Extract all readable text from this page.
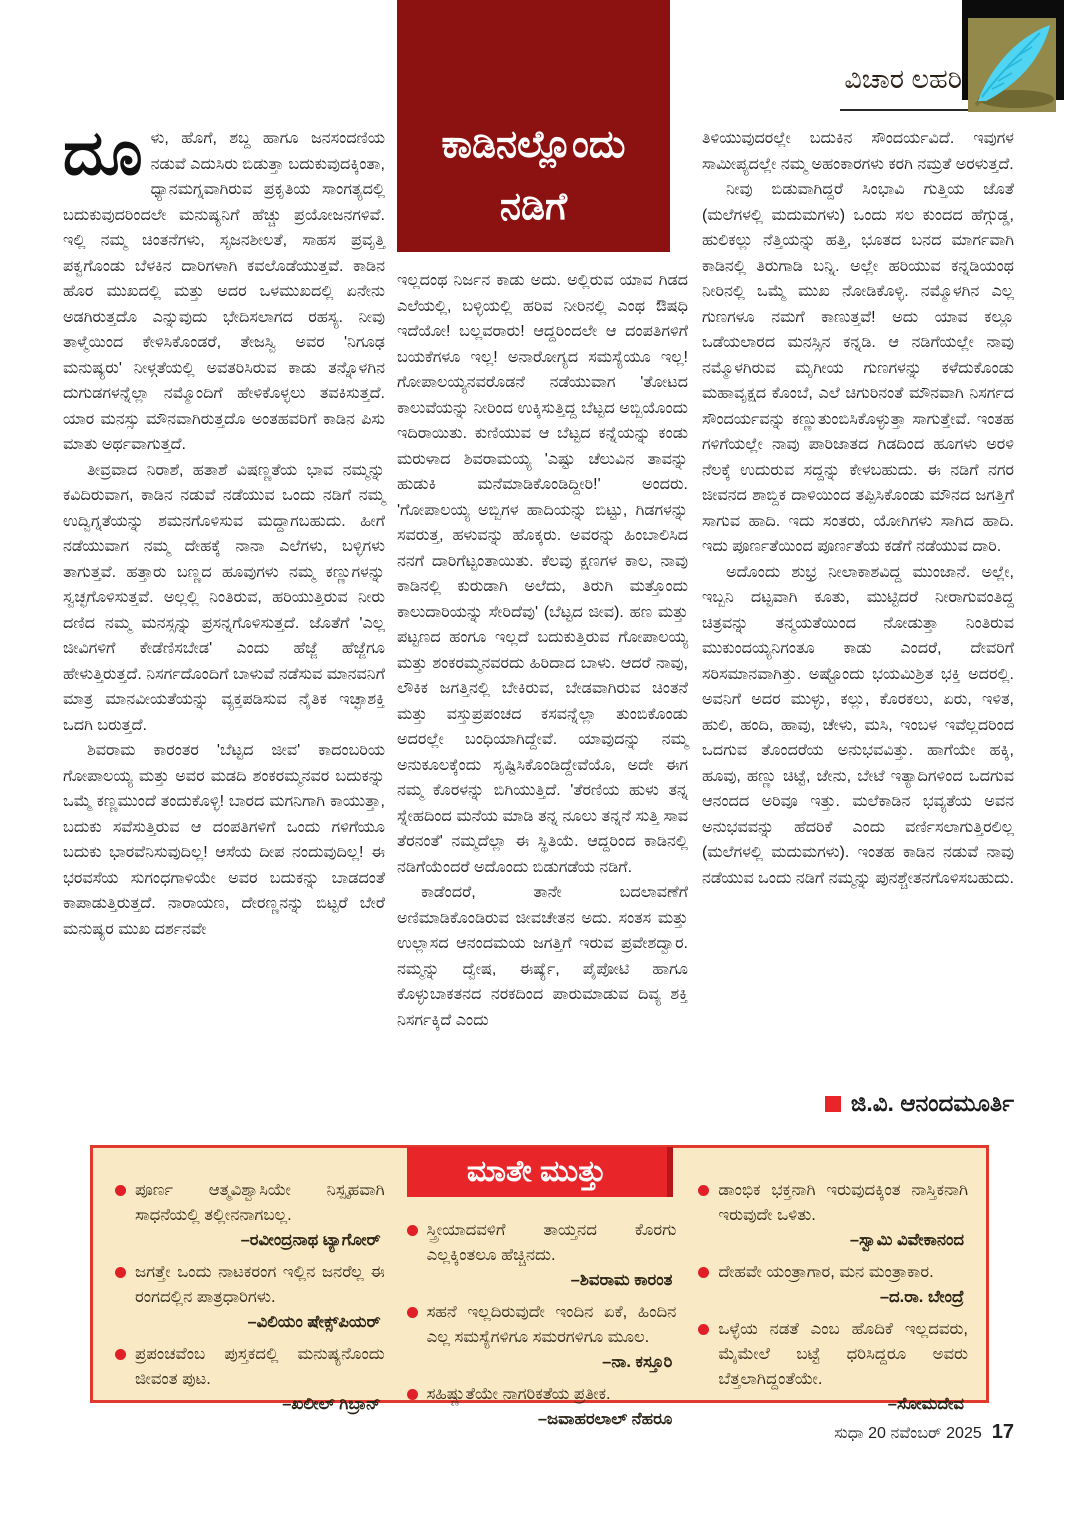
ವಿಚಾರ ಲಹರಿ
ಕಾಡಿನಲ್ಲೊಂದು
ನಡಿಗೆ

ದೂಳು, ಹೊಗೆ, ಶಬ್ದ ಹಾಗೂ ಜನಸಂದಣಿಯ ನಡುವೆ ಎದುಸಿರು ಬಿಡುತ್ತಾ ಬದುಕುವುದಕ್ಕಿಂತಾ, ಧ್ಯಾನಮಗ್ನವಾಗಿರುವ ಪ್ರಕೃತಿಯ ಸಾಂಗತ್ಯದಲ್ಲಿ ಬದುಕುವುದರಿಂದಲೇ ಮನುಷ್ಯನಿಗೆ ಹೆಚ್ಚು ಪ್ರಯೋಜನಗಳಿವೆ. ಇಲ್ಲಿ ನಮ್ಮ ಚಿಂತನೆಗಳು, ಸೃಜನಶೀಲತೆ, ಸಾಹಸ ಪ್ರವೃತ್ತಿ ಪಕ್ವಗೊಂಡು ಬೆಳಕಿನ ದಾರಿಗಳಾಗಿ ಕವಲೊಡೆಯುತ್ತವೆ. ಕಾಡಿನ ಹೊರ ಮುಖದಲ್ಲಿ ಮತ್ತು ಅದರ ಒಳಮುಖದಲ್ಲಿ ಏನೇನು ಅಡಗಿರುತ್ತದೊ ಎನ್ನುವುದು ಭೇದಿಸಲಾಗದ ರಹಸ್ಯ. ನೀವು ತಾಳ್ಮೆಯಿಂದ ಕೇಳಿಸಿಕೊಂಡರೆ, ತೇಜಸ್ವಿ ಅವರ 'ನಿಗೂಢ ಮನುಷ್ಯರು' ನೀಳ್ಗತೆಯಲ್ಲಿ ಅವತರಿಸಿರುವ ಕಾಡು ತನ್ನೊಳಗಿನ ದುಗುಡಗಳನ್ನೆಲ್ಲಾ ನಮ್ಮೊಂದಿಗೆ ಹೇಳಿಕೊಳ್ಳಲು ತವಕಿಸುತ್ತದೆ. ಯಾರ ಮನಸ್ಸು ಮೌನವಾಗಿರುತ್ತದೊ ಅಂತಹವರಿಗೆ ಕಾಡಿನ ಪಿಸು ಮಾತು ಅರ್ಥವಾಗುತ್ತದೆ.

ತೀವ್ರವಾದ ನಿರಾಶೆ, ಹತಾಶೆ ವಿಷಣ್ಣತೆಯ ಭಾವ ನಮ್ಮನ್ನು ಕವಿದಿರುವಾಗ, ಕಾಡಿನ ನಡುವೆ ನಡೆಯುವ ಒಂದು ನಡಿಗೆ ನಮ್ಮ ಉದ್ವಿಗ್ನತೆಯನ್ನು ಶಮನಗೊಳಿಸುವ ಮದ್ದಾಗಬಹುದು. ಹೀಗೆ ನಡೆಯುವಾಗ ನಮ್ಮ ದೇಹಕ್ಕೆ ನಾನಾ ಎಲೆಗಳು, ಬಳ್ಳಿಗಳು ತಾಗುತ್ತವೆ. ಹತ್ತಾರು ಬಣ್ಣದ ಹೂವುಗಳು ನಮ್ಮ ಕಣ್ಣುಗಳನ್ನು ಸ್ವಚ್ಛಗೊಳಿಸುತ್ತವೆ. ಅಲ್ಲಲ್ಲಿ ನಿಂತಿರುವ, ಹರಿಯುತ್ತಿರುವ ನೀರು ದಣಿದ ನಮ್ಮ ಮನಸ್ಸನ್ನು ಪ್ರಸನ್ನಗೊಳಿಸುತ್ತದೆ. ಜೊತೆಗೆ 'ಎಲ್ಲ ಜೀವಿಗಳಿಗೆ ಕೇಡೆಣಿಸಬೇಡ' ಎಂದು ಹೆಜ್ಜೆ ಹೆಜ್ಜೆಗೂ ಹೇಳುತ್ತಿರುತ್ತದೆ. ನಿಸರ್ಗದೊಂದಿಗೆ ಬಾಳುವೆ ನಡೆಸುವ ಮಾನವನಿಗೆ ಮಾತ್ರ ಮಾನವೀಯತೆಯನ್ನು ವ್ಯಕ್ತಪಡಿಸುವ ನೈತಿಕ ಇಚ್ಛಾಶಕ್ತಿ ಒದಗಿ ಬರುತ್ತದೆ.

ಶಿವರಾಮ ಕಾರಂತರ 'ಬೆಟ್ಟದ ಜೀವ' ಕಾದಂಬರಿಯ ಗೋಪಾಲಯ್ಯ ಮತ್ತು ಅವರ ಮಡದಿ ಶಂಕರಮ್ಮನವರ ಬದುಕನ್ನು ಒಮ್ಮೆ ಕಣ್ಣಮುಂದೆ ತಂದುಕೊಳ್ಳಿ! ಬಾರದ ಮಗನಿಗಾಗಿ ಕಾಯುತ್ತಾ, ಬದುಕು ಸವೆಸುತ್ತಿರುವ ಆ ದಂಪತಿಗಳಿಗೆ ಒಂದು ಗಳಿಗೆಯೂ ಬದುಕು ಭಾರವೆನಿಸುವುದಿಲ್ಲ! ಆಸೆಯ ದೀಪ ನಂದುವುದಿಲ್ಲ! ಈ ಭರವಸೆಯ ಸುಗಂಧಗಾಳಿಯೇ ಅವರ ಬದುಕನ್ನು ಬಾಡದಂತೆ ಕಾಪಾಡುತ್ತಿರುತ್ತದೆ. ನಾರಾಯಣ, ದೇರಣ್ಣನನ್ನು ಬಿಟ್ಟರೆ ಬೇರೆ ಮನುಷ್ಯರ ಮುಖ ದರ್ಶನವೇ

ಇಲ್ಲದಂಥ ನಿರ್ಜನ ಕಾಡು ಅದು. ಅಲ್ಲಿರುವ ಯಾವ ಗಿಡದ ಎಲೆಯಲ್ಲಿ, ಬಳ್ಳಿಯಲ್ಲಿ ಹರಿವ ನೀರಿನಲ್ಲಿ ಎಂಥ ಔಷಧಿ ಇದೆಯೋ! ಬಲ್ಲವರಾರು! ಆದ್ದರಿಂದಲೇ ಆ ದಂಪತಿಗಳಿಗೆ ಬಯಕೆಗಳೂ ಇಲ್ಲ! ಅನಾರೋಗ್ಯದ ಸಮಸ್ಯೆಯೂ ಇಲ್ಲ! ಗೋಪಾಲಯ್ಯನವರೊಡನೆ ನಡೆಯುವಾಗ 'ತೋಟದ ಕಾಲುವೆಯನ್ನು ನೀರಿಂದ ಉಕ್ಕಿಸುತ್ತಿದ್ದ ಬೆಟ್ಟದ ಅಬ್ಬಿಯೊಂದು ಇದಿರಾಯಿತು. ಕುಣಿಯುವ ಆ ಬೆಟ್ಟದ ಕನ್ನೆಯನ್ನು ಕಂಡು ಮರುಳಾದ ಶಿವರಾಮಯ್ಯ 'ಎಷ್ಟು ಚೆಲುವಿನ ತಾವನ್ನು ಹುಡುಕಿ ಮನೆಮಾಡಿಕೊಂಡಿದ್ದೀರಿ!' ಅಂದರು. 'ಗೋಪಾಲಯ್ಯ ಅಬ್ಬಿಗಳ ಹಾದಿಯನ್ನು ಬಿಟ್ಟು, ಗಿಡಗಳನ್ನು ಸವರುತ್ತ, ಹಳುವನ್ನು ಹೊಕ್ಕರು. ಅವರನ್ನು ಹಿಂಬಾಲಿಸಿದ ನನಗೆ ದಾರಿಗೆಟ್ಟಂತಾಯಿತು. ಕೆಲವು ಕ್ಷಣಗಳ ಕಾಲ, ನಾವು ಕಾಡಿನಲ್ಲಿ ಕುರುಡಾಗಿ ಅಲೆದು, ತಿರುಗಿ ಮತ್ತೊಂದು ಕಾಲುದಾರಿಯನ್ನು ಸೇರಿದೆವು' (ಬೆಟ್ಟದ ಜೀವ). ಹಣ ಮತ್ತು ಪಟ್ಟಣದ ಹಂಗೂ ಇಲ್ಲದೆ ಬದುಕುತ್ತಿರುವ ಗೋಪಾಲಯ್ಯ ಮತ್ತು ಶಂಕರಮ್ಮನವರದು ಹಿರಿದಾದ ಬಾಳು. ಆದರೆ ನಾವು, ಲೌಕಿಕ ಜಗತ್ತಿನಲ್ಲಿ ಬೇಕಿರುವ, ಬೇಡವಾಗಿರುವ ಚಿಂತನೆ ಮತ್ತು ವಸ್ತುಪ್ರಪಂಚದ ಕಸವನ್ನೆಲ್ಲಾ ತುಂಬಿಕೊಂಡು ಅದರಲ್ಲೇ ಬಂಧಿಯಾಗಿದ್ದೇವೆ. ಯಾವುದನ್ನು ನಮ್ಮ ಅನುಕೂಲಕ್ಕೆಂದು ಸೃಷ್ಟಿಸಿಕೊಂಡಿದ್ದೇವೆಯೊ, ಅದೇ ಈಗ ನಮ್ಮ ಕೊರಳನ್ನು ಬಿಗಿಯುತ್ತಿದೆ. 'ತೆರಣಿಯ ಹುಳು ತನ್ನ ಸ್ನೇಹದಿಂದ ಮನೆಯ ಮಾಡಿ ತನ್ನ ನೂಲು ತನ್ನನೆ ಸುತ್ತಿ ಸಾವ ತೆರನಂತೆ' ನಮ್ಮದೆಲ್ಲಾ ಈ ಸ್ಥಿತಿಯೆ. ಆದ್ದರಿಂದ ಕಾಡಿನಲ್ಲಿ ನಡಿಗೆಯೆಂದರೆ ಅದೊಂದು ಬಿಡುಗಡೆಯ ನಡಿಗೆ.

ಕಾಡೆಂದರೆ, ತಾನೇ ಬದಲಾವಣೆಗೆ ಅಣಿಮಾಡಿಕೊಂಡಿರುವ ಜೀವಚೇತನ ಅದು. ಸಂತಸ ಮತ್ತು ಉಲ್ಲಾಸದ ಆನಂದಮಯ ಜಗತ್ತಿಗೆ ಇರುವ ಪ್ರವೇಶದ್ವಾರ. ನಮ್ಮನ್ನು ದ್ವೇಷ, ಈರ್ಷ್ಯೆ, ಪೈಪೋಟಿ ಹಾಗೂ ಕೊಳ್ಳುಬಾಕತನದ ನರಕದಿಂದ ಪಾರುಮಾಡುವ ದಿವ್ಯ ಶಕ್ತಿ ನಿಸರ್ಗಕ್ಕಿದೆ ಎಂದು

ತಿಳಿಯುವುದರಲ್ಲೇ ಬದುಕಿನ ಸೌಂದರ್ಯವಿದೆ. ಇವುಗಳ ಸಾಮೀಪ್ಯದಲ್ಲೇ ನಮ್ಮ ಅಹಂಕಾರಗಳು ಕರಗಿ ನಮ್ರತೆ ಅರಳುತ್ತದೆ.

ನೀವು ಬಿಡುವಾಗಿದ್ದರೆ ಸಿಂಭಾವಿ ಗುತ್ತಿಯ ಜೊತೆ (ಮಲೆಗಳಲ್ಲಿ ಮದುಮಗಳು) ಒಂದು ಸಲ ಕುಂದದ ಹೆಗ್ಗುಡ್ಡ, ಹುಲಿಕಲ್ಲು ನೆತ್ತಿಯನ್ನು ಹತ್ತಿ, ಭೂತದ ಬನದ ಮಾರ್ಗವಾಗಿ ಕಾಡಿನಲ್ಲಿ ತಿರುಗಾಡಿ ಬನ್ನಿ. ಅಲ್ಲೇ ಹರಿಯುವ ಕನ್ನಡಿಯಂಥ ನೀರಿನಲ್ಲಿ ಒಮ್ಮೆ ಮುಖ ನೋಡಿಕೊಳ್ಳಿ. ನಮ್ಮೊಳಗಿನ ಎಲ್ಲ ಗುಣಗಳೂ ನಮಗೆ ಕಾಣುತ್ತವೆ! ಅದು ಯಾವ ಕಲ್ಲೂ ಒಡೆಯಲಾರದ ಮನಸ್ಸಿನ ಕನ್ನಡಿ. ಆ ನಡಿಗೆಯಲ್ಲೇ ನಾವು ನಮ್ಮೊಳಗಿರುವ ಮೃಗೀಯ ಗುಣಗಳನ್ನು ಕಳೆದುಕೊಂಡು ಮಹಾವೃಕ್ಷದ ಕೊಂಬೆ, ಎಲೆ ಚಿಗುರಿನಂತೆ ಮೌನವಾಗಿ ನಿಸರ್ಗದ ಸೌಂದರ್ಯವನ್ನು ಕಣ್ಣುತುಂಬಿಸಿಕೊಳ್ಳುತ್ತಾ ಸಾಗುತ್ತೇವೆ. ಇಂತಹ ಗಳಿಗೆಯಲ್ಲೇ ನಾವು ಪಾರಿಜಾತದ ಗಿಡದಿಂದ ಹೂಗಳು ಅರಳಿ ನೆಲಕ್ಕೆ ಉದುರುವ ಸದ್ದನ್ನು ಕೇಳಬಹುದು. ಈ ನಡಿಗೆ ನಗರ ಜೀವನದ ಶಾಬ್ದಿಕ ದಾಳಿಯಿಂದ ತಪ್ಪಿಸಿಕೊಂಡು ಮೌನದ ಜಗತ್ತಿಗೆ ಸಾಗುವ ಹಾದಿ. ಇದು ಸಂತರು, ಯೋಗಿಗಳು ಸಾಗಿದ ಹಾದಿ. ಇದು ಪೂರ್ಣತೆಯಿಂದ ಪೂರ್ಣತೆಯ ಕಡೆಗೆ ನಡೆಯುವ ದಾರಿ.

ಅದೊಂದು ಶುಭ್ರ ನೀಲಾಕಾಶವಿದ್ದ ಮುಂಜಾನೆ. ಅಲ್ಲೇ, ಇಬ್ಬನಿ ದಟ್ಟವಾಗಿ ಕೂತು, ಮುಟ್ಟಿದರೆ ನೀರಾಗುವಂತಿದ್ದ ಚಿತ್ರವನ್ನು ತನ್ಮಯತೆಯಿಂದ ನೋಡುತ್ತಾ ನಿಂತಿರುವ ಮುಕುಂದಯ್ಯನಿಗಂತೂ ಕಾಡು ಎಂದರೆ, ದೇವರಿಗೆ ಸರಿಸಮಾನವಾಗಿತ್ತು. ಅಷ್ಟೊಂದು ಭಯಮಿಶ್ರಿತ ಭಕ್ತಿ ಅದರಲ್ಲಿ. ಅವನಿಗೆ ಅದರ ಮುಳ್ಳು, ಕಲ್ಲು, ಕೊರಕಲು, ಏರು, ಇಳಿತ, ಹುಲಿ, ಹಂದಿ, ಹಾವು, ಚೇಳು, ಮಸಿ, ಇಂಬಳ ಇವೆಲ್ಲದರಿಂದ ಒದಗುವ ತೊಂದರೆಯ ಅನುಭವವಿತ್ತು. ಹಾಗೆಯೇ ಹಕ್ಕಿ, ಹೂವು, ಹಣ್ಣು ಚಿಟ್ಟೆ, ಜೇನು, ಬೇಟೆ ಇತ್ಯಾದಿಗಳಿಂದ ಒದಗುವ ಆನಂದದ ಅರಿವೂ ಇತ್ತು. ಮಲೆಕಾಡಿನ ಭವ್ಯತೆಯ ಅವನ ಅನುಭವವನ್ನು ಹೆದರಿಕೆ ಎಂದು ವರ್ಣಿಸಲಾಗುತ್ತಿರಲಿಲ್ಲ (ಮಲೆಗಳಲ್ಲಿ ಮದುಮಗಳು). ಇಂತಹ ಕಾಡಿನ ನಡುವೆ ನಾವು ನಡೆಯುವ ಒಂದು ನಡಿಗೆ ನಮ್ಮನ್ನು ಪುನಶ್ಚೇತನಗೊಳಿಸಬಹುದು.

ಜಿ.ವಿ. ಆನಂದಮೂರ್ತಿ
ಮಾತೇ ಮುತ್ತು
ಪೂರ್ಣ ಆತ್ಮವಿಶ್ವಾಸಿಯೇ ನಿಸ್ಪೃಹವಾಗಿ ಸಾಧನೆಯಲ್ಲಿ ತಲ್ಲೀನನಾಗಬಲ್ಲ.
–ರವೀಂದ್ರನಾಥ ಟ್ಯಾಗೋರ್
ಜಗತ್ತೇ ಒಂದು ನಾಟಕರಂಗ ಇಲ್ಲಿನ ಜನರೆಲ್ಲ ಈ ರಂಗದಲ್ಲಿನ ಪಾತ್ರಧಾರಿಗಳು.
–ವಿಲಿಯಂ ಷೇಕ್ಸ್‌ಪಿಯರ್
ಪ್ರಪಂಚವೆಂಬ ಪುಸ್ತಕದಲ್ಲಿ ಮನುಷ್ಯನೊಂದು ಜೀವಂತ ಪುಟ.
–ಖಲೀಲ್ ಗಿಬ್ರಾನ್
ಸ್ತ್ರೀಯಾದವಳಿಗೆ ತಾಯ್ತನದ ಕೊರಗು ಎಲ್ಲಕ್ಕಿಂತಲೂ ಹೆಚ್ಚಿನದು.
–ಶಿವರಾಮ ಕಾರಂತ
ಸಹನೆ ಇಲ್ಲದಿರುವುದೇ ಇಂದಿನ ಏಕೆ, ಹಿಂದಿನ ಎಲ್ಲ ಸಮಸ್ಯೆಗಳಿಗೂ ಸಮರಗಳಿಗೂ ಮೂಲ.
–ನಾ. ಕಸ್ತೂರಿ
ಸಹಿಷ್ಣುತೆಯೇ ನಾಗರಿಕತೆಯ ಪ್ರತೀಕ.
–ಜವಾಹರಲಾಲ್ ನೆಹರೂ
ಡಾಂಭಿಕ ಭಕ್ತನಾಗಿ ಇರುವುದಕ್ಕಿಂತ ನಾಸ್ತಿಕನಾಗಿ ಇರುವುದೇ ಒಳಿತು.
–ಸ್ವಾಮಿ ವಿವೇಕಾನಂದ
ದೇಹವೇ ಯಂತ್ರಾಗಾರ, ಮನ ಮಂತ್ರಾಕಾರ.
–ದ.ರಾ. ಬೇಂದ್ರೆ
ಒಳ್ಳೆಯ ನಡತೆ ಎಂಬ ಹೊದಿಕೆ ಇಲ್ಲದವರು, ಮೈಮೇಲೆ ಬಟ್ಟೆ ಧರಿಸಿದ್ದರೂ ಅವರು ಬೆತ್ತಲಾಗಿದ್ದಂತೆಯೇ.
–ಸೋಮದೇವ
ಸುಧಾ 20 ನವೆಂಬರ್ 2025 17
